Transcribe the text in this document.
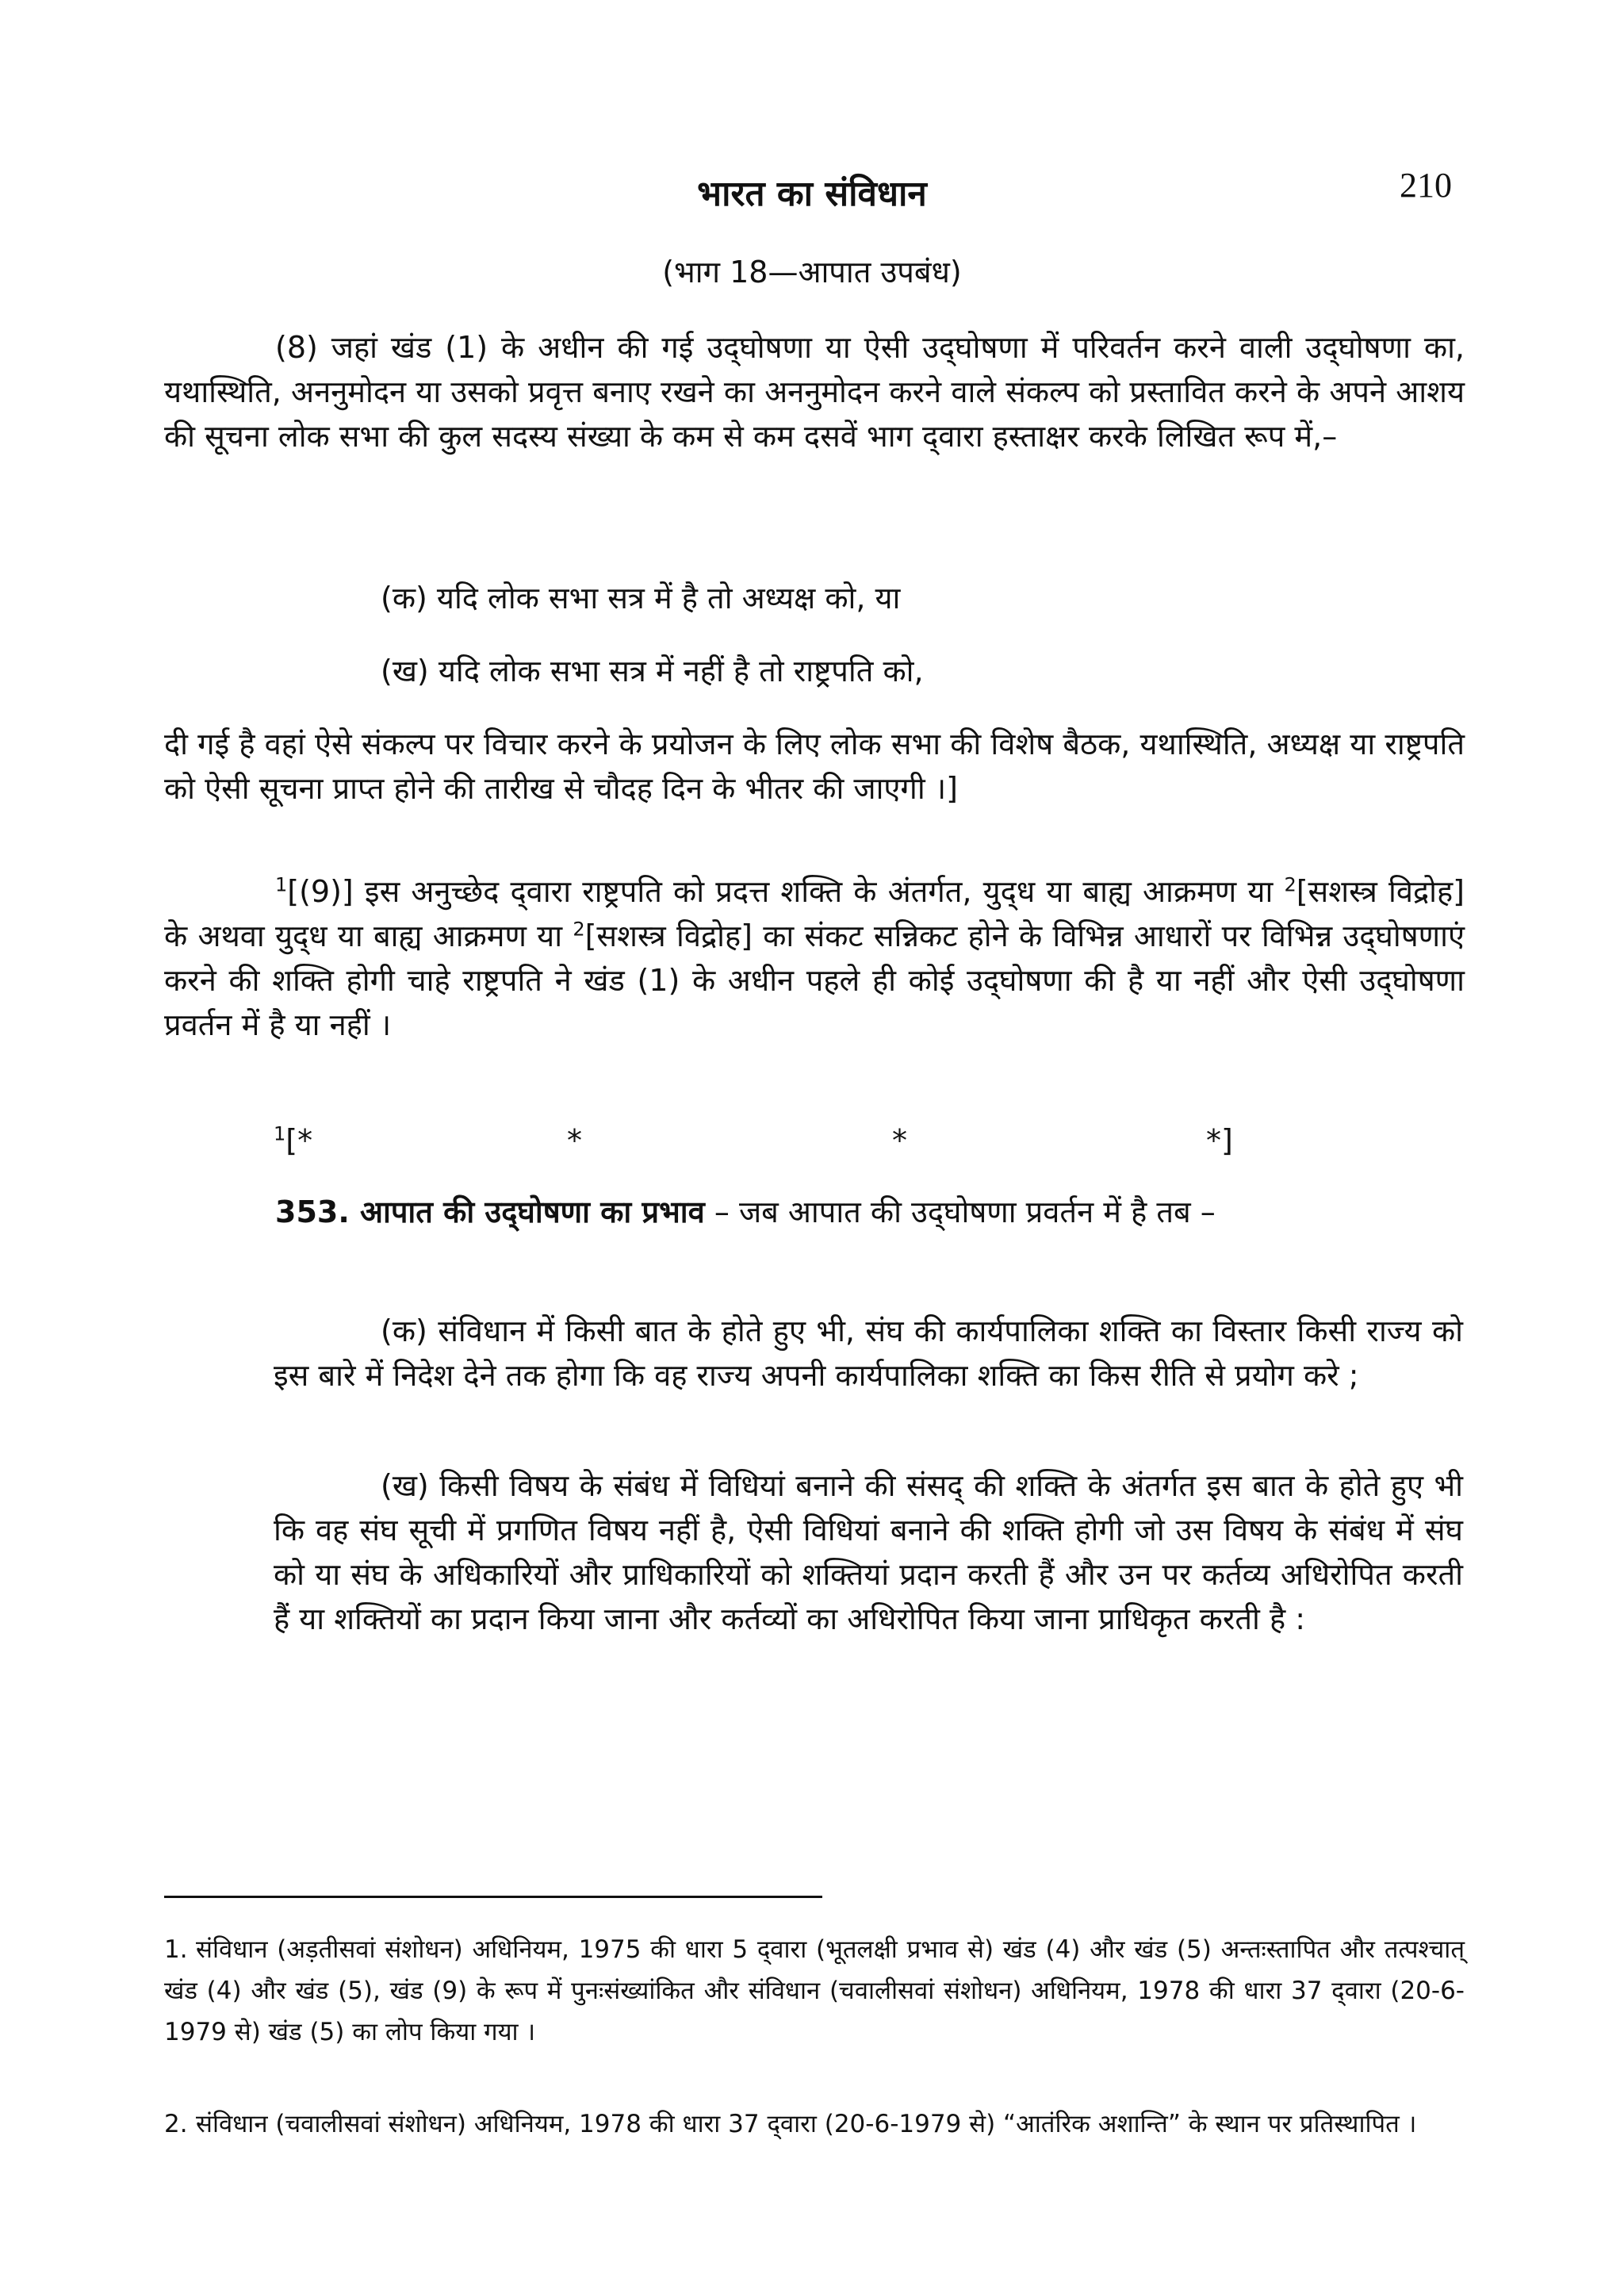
210
भारत का संविधान
(भाग 18—आपात उपबंध)
(8) जहां खंड (1) के अधीन की गई उद्‌घोषणा या ऐसी उद्‌घोषणा में परिवर्तन करने वाली उद्‌घोषणा का, यथास्थिति, अननुमोदन या उसको प्रवृत्त बनाए रखने का अननुमोदन करने वाले संकल्प को प्रस्तावित करने के अपने आशय की सूचना लोक सभा की कुल सदस्य संख्या के कम से कम दसवें भाग द्‌वारा हस्ताक्षर करके लिखित रूप में,–
(क) यदि लोक सभा सत्र में है तो अध्यक्ष को, या
(ख) यदि लोक सभा सत्र में नहीं है तो राष्ट्रपति को,
दी गई है वहां ऐसे संकल्प पर विचार करने के प्रयोजन के लिए लोक सभा की विशेष बैठक, यथास्थिति, अध्यक्ष या राष्ट्रपति को ऐसी सूचना प्राप्त होने की तारीख से चौदह दिन के भीतर की जाएगी ।]
$^1$[(9)] इस अनुच्छेद द्‌वारा राष्ट्रपति को प्रदत्त शक्ति के अंतर्गत, युद्‌ध या बाह्य आक्रमण या $^2$[सशस्त्र विद्रोह] के अथवा युद्‌ध या बाह्य आक्रमण या $^2$[सशस्त्र विद्रोह] का संकट सन्निकट होने के विभिन्न आधारों पर विभिन्न उद्‌घोषणाएं करने की शक्ति होगी चाहे राष्ट्रपति ने खंड (1) के अधीन पहले ही कोई उद्‌घोषणा की है या नहीं और ऐसी उद्‌घोषणा प्रवर्तन में है या नहीं ।
$^1$ [*	*	*	*]
353. आपात की उद्‌घोषणा का प्रभाव – जब आपात की उद्‌घोषणा प्रवर्तन में है तब –
(क) संविधान में किसी बात के होते हुए भी, संघ की कार्यपालिका शक्ति का विस्तार किसी राज्य को इस बारे में निदेश देने तक होगा कि वह राज्य अपनी कार्यपालिका शक्ति का किस रीति से प्रयोग करे ;
(ख) किसी विषय के संबंध में विधियां बनाने की संसद्‌ की शक्ति के अंतर्गत इस बात के होते हुए भी कि वह संघ सूची में प्रगणित विषय नहीं है, ऐसी विधियां बनाने की शक्ति होगी जो उस विषय के संबंध में संघ को या संघ के अधिकारियों और प्राधिकारियों को शक्तियां प्रदान करती हैं और उन पर कर्तव्य अधिरोपित करती हैं या शक्तियों का प्रदान किया जाना और कर्तव्यों का अधिरोपित किया जाना प्राधिकृत करती है :
1. संविधान (अड़तीसवां संशोधन) अधिनियम, 1975 की धारा 5 द्‌वारा (भूतलक्षी प्रभाव से) खंड (4) और खंड (5) अन्तःस्तापित और तत्पश्चात्‌ खंड (4) और खंड (5), खंड (9) के रूप में पुनःसंख्यांकित और संविधान (चवालीसवां संशोधन) अधिनियम, 1978 की धारा 37 द्‌वारा (20-6-1979 से) खंड (5) का लोप किया गया ।
2. संविधान (चवालीसवां संशोधन) अधिनियम, 1978 की धारा 37 द्‌वारा (20-6-1979 से) “आतंरिक अशान्ति” के स्थान पर प्रतिस्थापित ।
